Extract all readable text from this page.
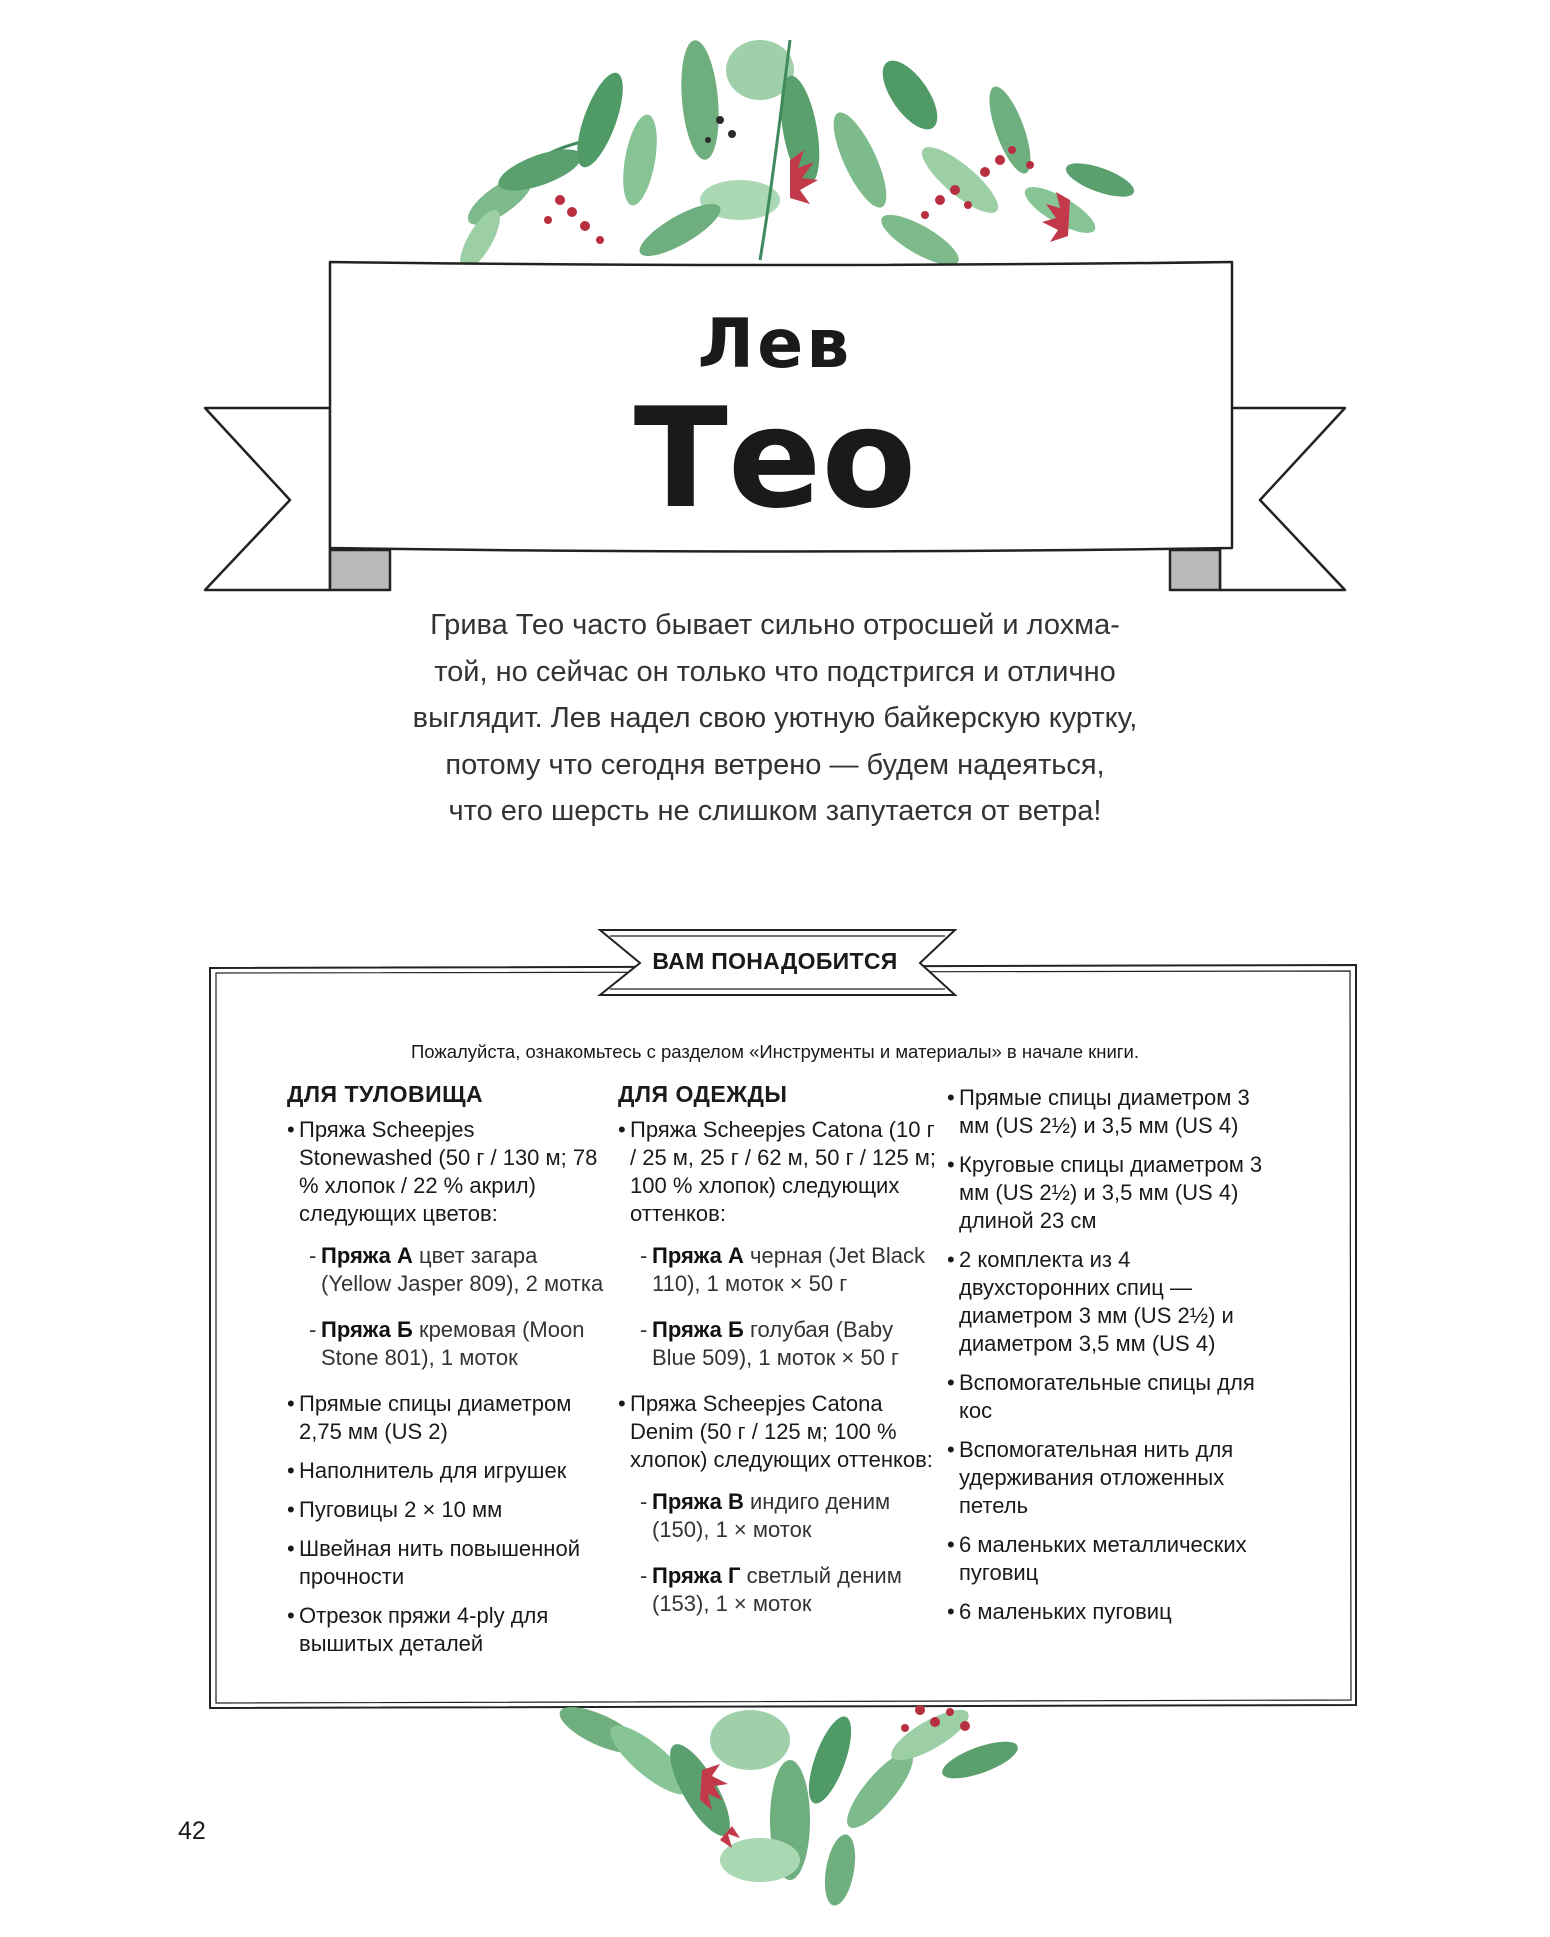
Лев
Тео
Грива Тео часто бывает сильно отросшей и лохма-
той, но сейчас он только что подстригся и отлично
выглядит. Лев надел свою уютную байкерскую куртку,
потому что сегодня ветрено — будем надеяться,
что его шерсть не слишком запутается от ветра!
ВАМ ПОНАДОБИТСЯ
Пожалуйста, ознакомьтесь с разделом «Инструменты и материалы» в начале книги.
ДЛЯ ТУЛОВИЩА
• Пряжа Scheepjes Stonewashed (50 г / 130 м; 78 % хлопок / 22 % акрил) следующих цветов:
- Пряжа А цвет загара (Yellow Jasper 809), 2 мотка
- Пряжа Б кремовая (Moon Stone 801), 1 моток
• Прямые спицы диаметром 2,75 мм (US 2)
• Наполнитель для игрушек
• Пуговицы 2 × 10 мм
• Швейная нить повышенной прочности
• Отрезок пряжи 4-ply для вышитых деталей
ДЛЯ ОДЕЖДЫ
• Пряжа Scheepjes Catona (10 г / 25 м, 25 г / 62 м, 50 г / 125 м; 100 % хлопок) следующих оттенков:
- Пряжа А черная (Jet Black 110), 1 моток × 50 г
- Пряжа Б голубая (Baby Blue 509), 1 моток × 50 г
• Пряжа Scheepjes Catona Denim (50 г / 125 м; 100 % хлопок) следующих оттенков:
- Пряжа В индиго деним (150), 1 × моток
- Пряжа Г светлый деним (153), 1 × моток
• Прямые спицы диаметром 3 мм (US 2½) и 3,5 мм (US 4)
• Круговые спицы диаметром 3 мм (US 2½) и 3,5 мм (US 4) длиной 23 см
• 2 комплекта из 4 двухсторонних спиц — диаметром 3 мм (US 2½) и диаметром 3,5 мм (US 4)
• Вспомогательные спицы для кос
• Вспомогательная нить для удерживания отложенных петель
• 6 маленьких металлических пуговиц
• 6 маленьких пуговиц
42
